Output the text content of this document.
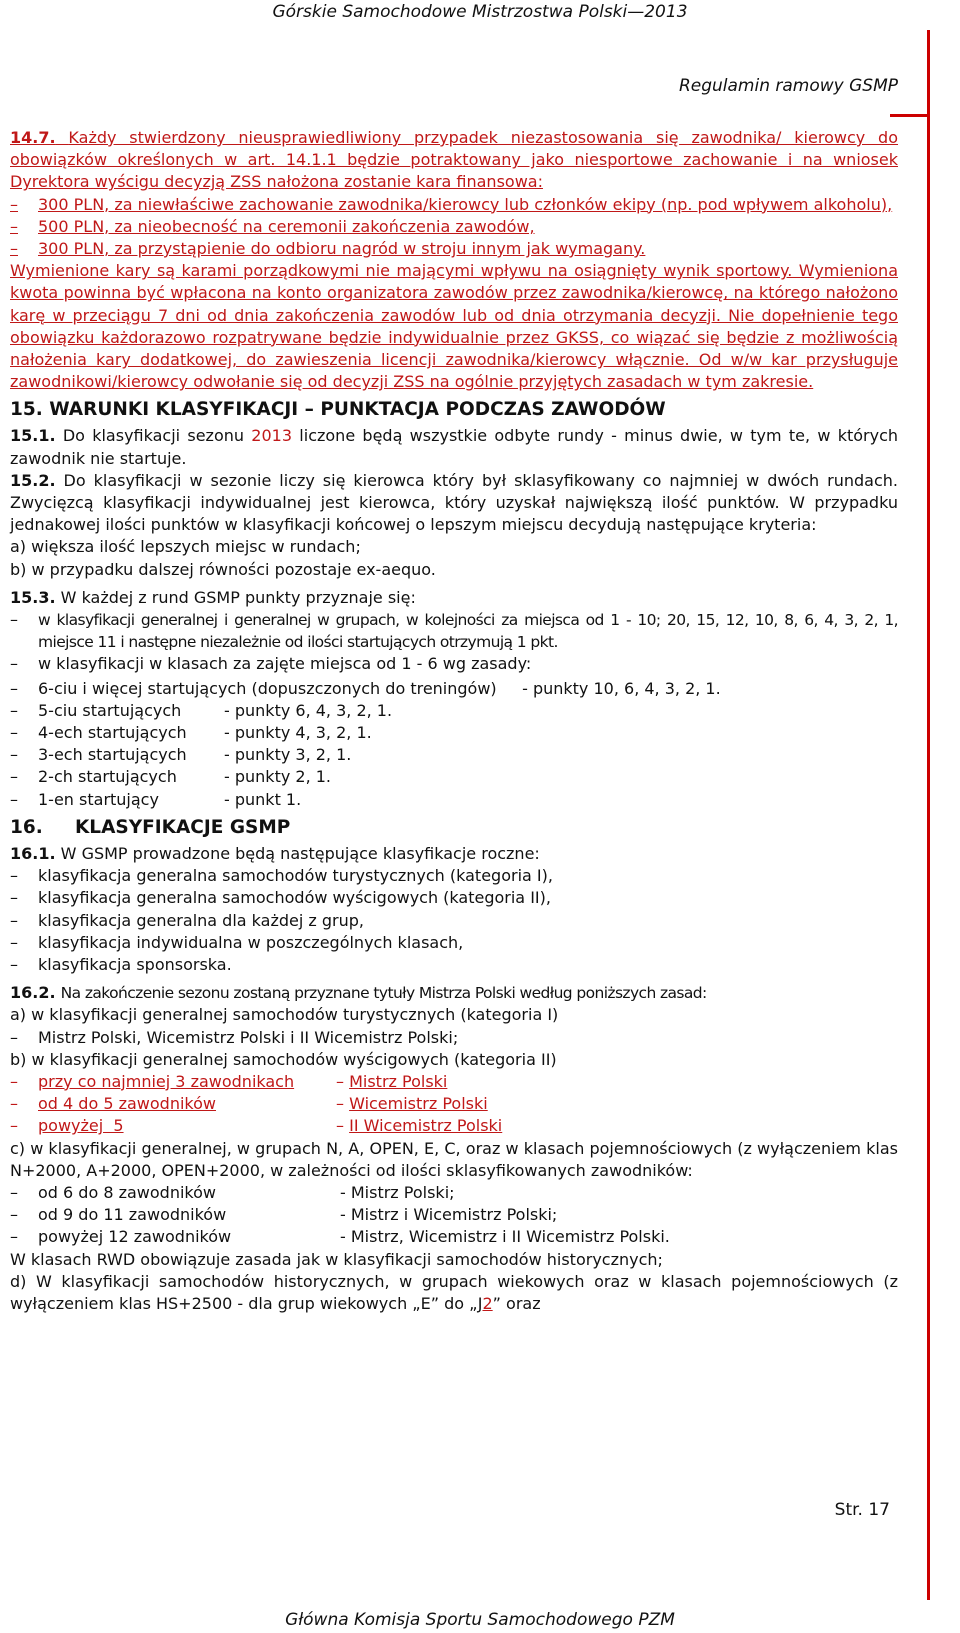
Górskie Samochodowe Mistrzostwa Polski—2013
Regulamin ramowy GSMP

14.7. Każdy stwierdzony nieusprawiedliwiony przypadek niezastosowania się zawodnika/ kierowcy do obowiązków określonych w art. 14.1.1 będzie potraktowany jako niesportowe zachowanie i na wniosek Dyrektora wyścigu decyzją ZSS nałożona zostanie kara finansowa:

–	300 PLN, za niewłaściwe zachowanie zawodnika/kierowcy lub członków ekipy (np. pod wpływem alkoholu),
–	500 PLN, za nieobecność na ceremonii zakończenia zawodów,
–	300 PLN, za przystąpienie do odbioru nagród w stroju innym jak wymagany.

Wymienione kary są karami porządkowymi nie mającymi wpływu na osiągnięty wynik sportowy. Wymieniona kwota powinna być wpłacona na konto organizatora zawodów przez zawodnika/kierowcę, na którego nałożono karę w przeciągu 7 dni od dnia zakończenia zawodów lub od dnia otrzymania decyzji. Nie dopełnienie tego obowiązku każdorazowo rozpatrywane będzie indywidualnie przez GKSS, co wiązać się będzie z możliwością nałożenia kary dodatkowej, do zawieszenia licencji zawodnika/kierowcy włącznie. Od w/w kar przysługuje zawodnikowi/kierowcy odwołanie się od decyzji ZSS na ogólnie przyjętych zasadach w tym zakresie.

15. WARUNKI KLASYFIKACJI – PUNKTACJA PODCZAS ZAWODÓW

15.1. Do klasyfikacji sezonu 2013 liczone będą wszystkie odbyte rundy - minus dwie, w tym te, w których zawodnik nie startuje.

15.2. Do klasyfikacji w sezonie liczy się kierowca który był sklasyfikowany co najmniej w dwóch rundach. Zwycięzcą klasyfikacji indywidualnej jest kierowca, który uzyskał największą ilość punktów. W przypadku jednakowej ilości punktów w klasyfikacji końcowej o lepszym miejscu decydują następujące kryteria:

a) większa ilość lepszych miejsc w rundach;

b) w przypadku dalszej równości pozostaje ex-aequo.

15.3. W każdej z rund GSMP punkty przyznaje się:

–	w klasyfikacji generalnej i generalnej w grupach, w kolejności za miejsca od 1 - 10; 20, 15, 12, 10, 8, 6, 4, 3, 2, 1, miejsce 11 i następne niezależnie od ilości startujących otrzymują 1 pkt.
–	w klasyfikacji w klasach za zajęte miejsca od 1 - 6 wg zasady:
–	6-ciu i więcej startujących (dopuszczonych do treningów) - punkty 10, 6, 4, 3, 2, 1.
–	5-ciu startujących	- punkty 6, 4, 3, 2, 1.
–	4-ech startujących - punkty 4, 3, 2, 1.
–	3-ech startujących - punkty 3, 2, 1.
–	2-ch startujących	- punkty 2, 1.
–	1-en startujący	- punkt 1.
16.     KLASYFIKACJE GSMP

16.1. W GSMP prowadzone będą następujące klasyfikacje roczne:

–	klasyfikacja generalna samochodów turystycznych (kategoria I),
–	klasyfikacja generalna samochodów wyścigowych (kategoria II),
–	klasyfikacja generalna dla każdej z grup,
–	klasyfikacja indywidualna w poszczególnych klasach,
–	klasyfikacja sponsorska.

16.2. Na zakończenie sezonu zostaną przyznane tytuły Mistrza Polski według poniższych zasad:

a) w klasyfikacji generalnej samochodów turystycznych (kategoria I)

–	Mistrz Polski, Wicemistrz Polski i II Wicemistrz Polski;

b) w klasyfikacji generalnej samochodów wyścigowych (kategoria II)

–	przy co najmniej 3 zawodnikach	– Mistrz Polski
–	od 4 do 5 zawodników	– Wicemistrz Polski
–	powyżej  5	– II Wicemistrz Polski

c) w klasyfikacji generalnej, w grupach N, A, OPEN, E, C, oraz w klasach pojemnościowych (z wyłączeniem klas N+2000, A+2000, OPEN+2000, w zależności od ilości sklasyfikowanych zawodników:

–	od 6 do 8 zawodników	- Mistrz Polski;
–	od 9 do 11 zawodników	- Mistrz i Wicemistrz Polski;
–	powyżej 12 zawodników	- Mistrz, Wicemistrz i II Wicemistrz Polski.

W klasach RWD obowiązuje zasada jak w klasyfikacji samochodów historycznych;

d) W klasyfikacji samochodów historycznych, w grupach wiekowych oraz w klasach pojemnościowych (z wyłączeniem klas HS+2500 - dla grup wiekowych „E” do „J2” oraz

Str. 17
Główna Komisja Sportu Samochodowego PZM
